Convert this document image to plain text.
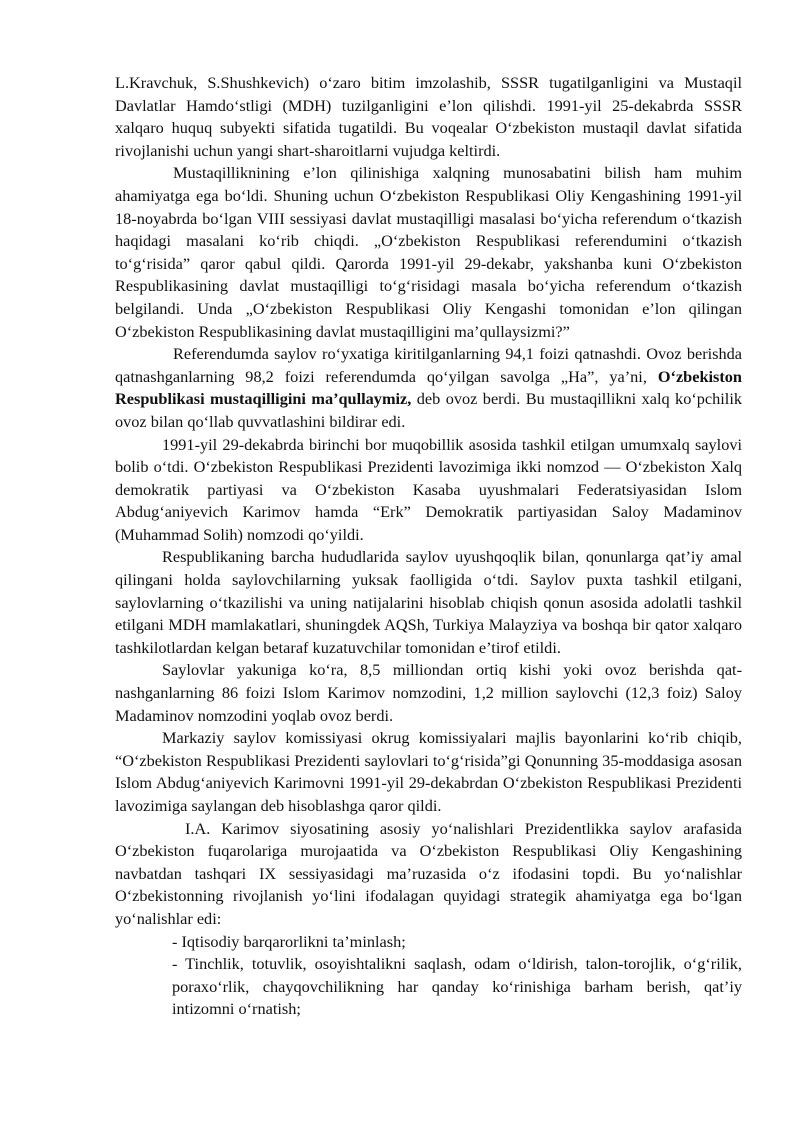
L.Kravchuk, S.Shushkevich) o‘zaro bitim imzolashib, SSSR tugatilganligini va Mustaqil Davlatlar Hamdo‘stligi (MDH) tuzilganligini e’lon qilishdi. 1991-yil 25-dekabrda SSSR xalqaro huquq subyekti sifatida tugatildi. Bu voqealar O‘zbekiston mustaqil davlat sifatida rivojlanishi uchun yangi shart-sharoitlarni vujudga keltirdi.

Mustaqilliknining e’lon qilinishiga xalqning munosabatini bilish ham muhim ahamiyatga ega bo‘ldi. Shuning uchun O‘zbekiston Respublikasi Oliy Kengashining 1991-yil 18-noyabrda bo‘lgan VIII sessiyasi davlat mustaqilligi masalasi bo‘yicha referendum o‘tkazish haqidagi masalani ko‘rib chiqdi. „O‘zbekiston Respublikasi referendumini o‘tkazish to‘g‘risida” qaror qabul qildi. Qarorda 1991-yil 29-dekabr, yakshanba kuni O‘zbekiston Respublikasining davlat mustaqilligi to‘g‘risidagi masala bo‘yicha referendum o‘tkazish belgilandi. Unda „O‘zbekiston Respublikasi Oliy Kengashi tomonidan e’lon qilingan O‘zbekiston Respublikasining davlat mustaqilligini ma’qullaysizmi?”

Referendumda saylov ro‘yxatiga kiritilganlarning 94,1 foizi qatnashdi. Ovoz berishda qatnashganlarning 98,2 foizi referendumda qo‘yilgan savolga „Ha”, ya’ni, O‘zbekiston Respublikasi mustaqilligini ma’qullaymiz, deb ovoz berdi. Bu mustaqillikni xalq ko‘pchilik ovoz bilan qo‘llab quvvatlashini bildirar edi.

1991-yil 29-dekabrda birinchi bor muqobillik asosida tashkil etilgan umumxalq saylovi bolib o‘tdi. O‘zbekiston Respublikasi Prezidenti lavozimiga ikki nomzod — O‘zbekiston Xalq demokratik partiyasi va O‘zbekiston Kasaba uyushmalari Federatsiyasidan Islom Abdug‘aniyevich Karimov hamda “Erk” Demokratik partiyasidan Saloy Madaminov (Muhammad Solih) nomzodi qo‘yildi.

Respublikaning barcha hududlarida saylov uyushqoqlik bilan, qonunlarga qat’iy amal qilingani holda saylovchilarning yuksak faolligida o‘tdi. Saylov puxta tashkil etilgani, saylovlarning o‘tkazilishi va uning natijalarini hisoblab chiqish qonun asosida adolatli tashkil etilgani MDH mamlakatlari, shuningdek AQSh, Turkiya Malayziya va boshqa bir qator xalqaro tashkilotlardan kelgan betaraf kuzatuvchilar tomonidan e’tirof etildi.

Saylovlar yakuniga ko‘ra, 8,5 milliondan ortiq kishi yoki ovoz berishda qat-nashganlarning 86 foizi Islom Karimov nomzodini, 1,2 million saylovchi (12,3 foiz) Saloy Madaminov nomzodini yoqlab ovoz berdi.

Markaziy saylov komissiyasi okrug komissiyalari majlis bayonlarini ko‘rib chiqib, “O‘zbekiston Respublikasi Prezidenti saylovlari to‘g‘risida”gi Qonunning 35-moddasiga asosan Islom Abdug‘aniyevich Karimovni 1991-yil 29-dekabrdan O‘zbekiston Respublikasi Prezidenti lavozimiga saylangan deb hisoblashga qaror qildi.

I.A. Karimov siyosatining asosiy yo‘nalishlari Prezidentlikka saylov arafasida O‘zbekiston fuqarolariga murojaatida va O‘zbekiston Respublikasi Oliy Kengashining navbatdan tashqari IX sessiyasidagi ma’ruzasida o‘z ifodasini topdi. Bu yo‘nalishlar O‘zbekistonning rivojlanish yo‘lini ifodalagan quyidagi strategik ahamiyatga ega bo‘lgan yo‘nalishlar edi:

- Iqtisodiy barqarorlikni ta’minlash;

- Tinchlik, totuvlik, osoyishtalikni saqlash, odam o‘ldirish, talon-torojlik, o‘g‘rilik, poraxo‘rlik, chayqovchilikning har qanday ko‘rinishiga barham berish, qat’iy intizomni o‘rnatish;
